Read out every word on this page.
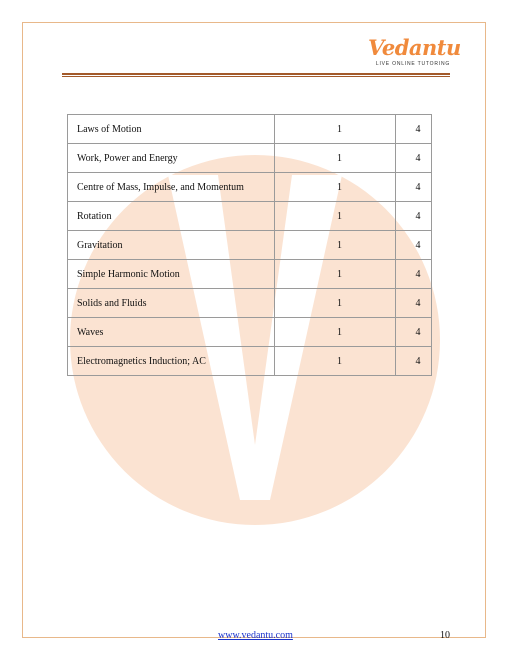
Vedantu
LIVE ONLINE TUTORING
Laws of Motion	1	4
Work, Power and Energy	1	4
Centre of Mass, Impulse, and Momentum	1	4
Rotation	1	4
Gravitation	1	4
Simple Harmonic Motion	1	4
Solids and Fluids	1	4
Waves	1	4
Electromagnetics Induction; AC	1	4
www.vedantu.com	10
